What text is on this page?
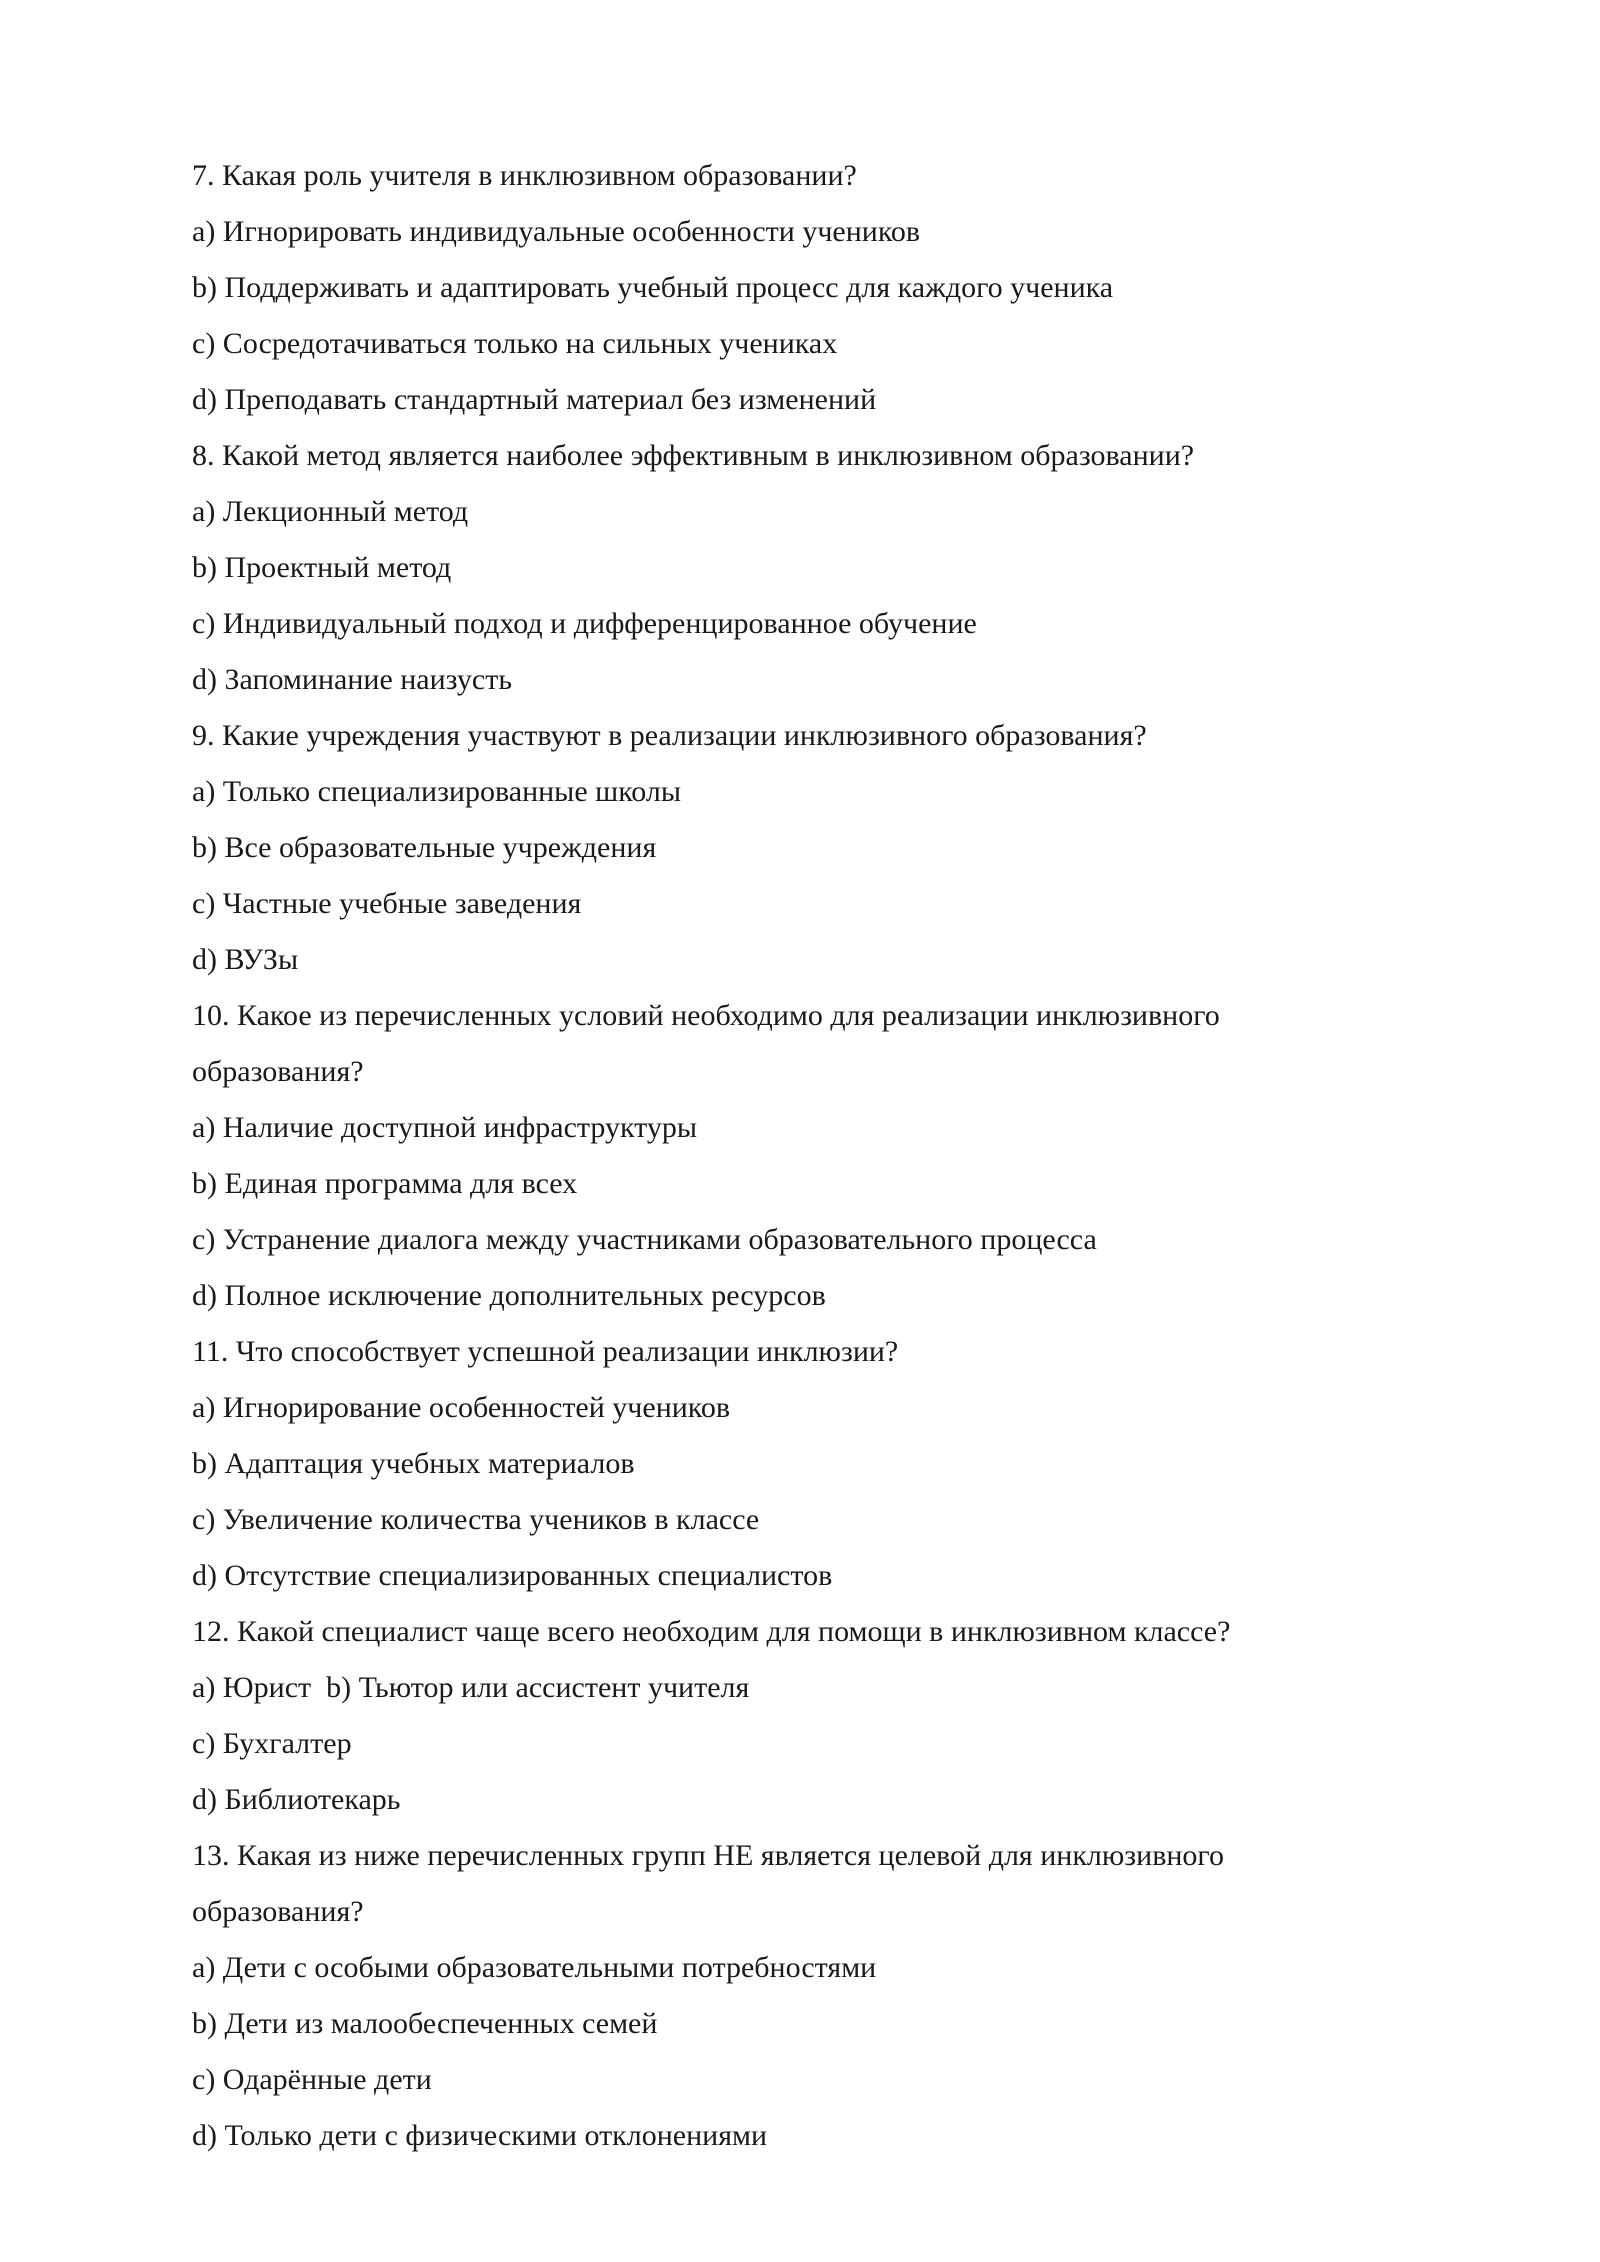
7. Какая роль учителя в инклюзивном образовании?
a) Игнорировать индивидуальные особенности учеников
b) Поддерживать и адаптировать учебный процесс для каждого ученика
c) Сосредотачиваться только на сильных учениках
d) Преподавать стандартный материал без изменений
8. Какой метод является наиболее эффективным в инклюзивном образовании?
a) Лекционный метод
b) Проектный метод
c) Индивидуальный подход и дифференцированное обучение
d) Запоминание наизусть
9. Какие учреждения участвуют в реализации инклюзивного образования?
a) Только специализированные школы
b) Все образовательные учреждения
c) Частные учебные заведения
d) ВУЗы
10. Какое из перечисленных условий необходимо для реализации инклюзивного
образования?
a) Наличие доступной инфраструктуры
b) Единая программа для всех
c) Устранение диалога между участниками образовательного процесса
d) Полное исключение дополнительных ресурсов
11. Что способствует успешной реализации инклюзии?
a) Игнорирование особенностей учеников
b) Адаптация учебных материалов
c) Увеличение количества учеников в классе
d) Отсутствие специализированных специалистов
12. Какой специалист чаще всего необходим для помощи в инклюзивном классе?
a) Юрист  b) Тьютор или ассистент учителя
c) Бухгалтер
d) Библиотекарь
13. Какая из ниже перечисленных групп НЕ является целевой для инклюзивного
образования?
a) Дети с особыми образовательными потребностями
b) Дети из малообеспеченных семей
c) Одарённые дети
d) Только дети с физическими отклонениями
